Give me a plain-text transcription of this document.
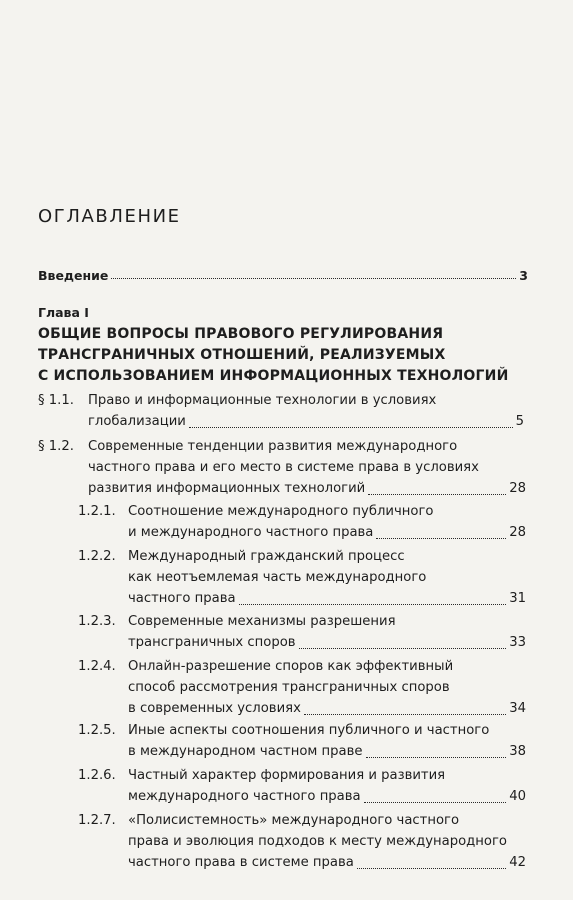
ОГЛАВЛЕНИЕ
Введение	3
Глава I
ОБЩИЕ ВОПРОСЫ ПРАВОВОГО РЕГУЛИРОВАНИЯ
ТРАНСГРАНИЧНЫХ ОТНОШЕНИЙ, РЕАЛИЗУЕМЫХ
С ИСПОЛЬЗОВАНИЕМ ИНФОРМАЦИОННЫХ ТЕХНОЛОГИЙ
§ 1.1. Право и информационные технологии в условиях
глобализации	5
§ 1.2. Современные тенденции развития международного
частного права и его место в системе права в условиях
развития информационных технологий	28
1.2.1. Соотношение международного публичного
и международного частного права	28
1.2.2. Международный гражданский процесс
как неотъемлемая часть международного
частного права	31
1.2.3. Современные механизмы разрешения
трансграничных споров	33
1.2.4. Онлайн-разрешение споров как эффективный
способ рассмотрения трансграничных споров
в современных условиях	34
1.2.5. Иные аспекты соотношения публичного и частного
в международном частном праве	38
1.2.6. Частный характер формирования и развития
международного частного права	40
1.2.7. «Полисистемность» международного частного
права и эволюция подходов к месту международного
частного права в системе права	42
